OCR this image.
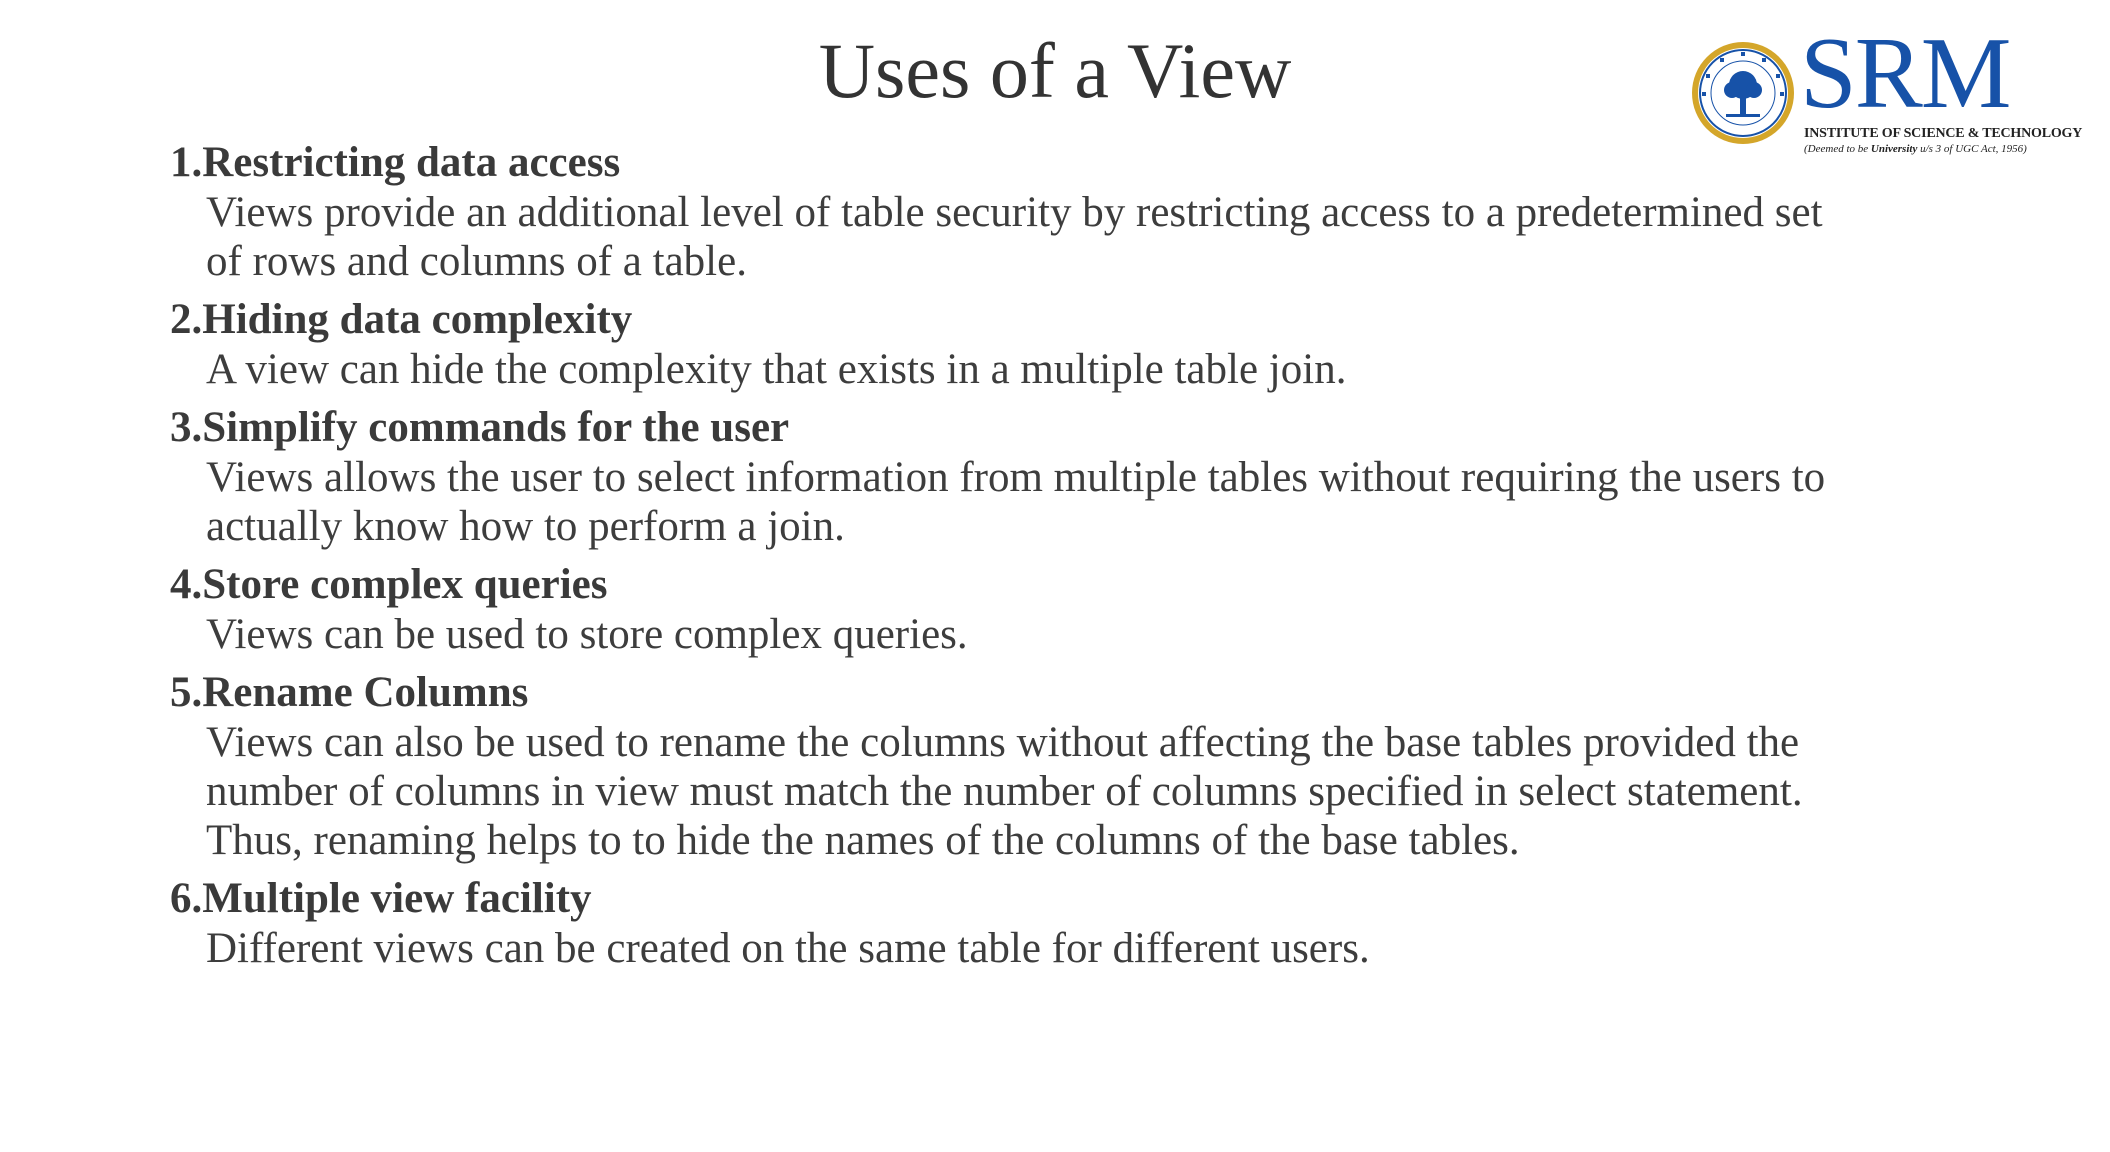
Uses of a View	SRM
INSTITUTE OF SCIENCE & TECHNOLOGY
(Deemed to be University u/s 3 of UGC Act, 1956)
1.Restricting data access
Views provide an additional level of table security by restricting access to a predetermined set
of rows and columns of a table.
2.Hiding data complexity
A view can hide the complexity that exists in a multiple table join.
3.Simplify commands for the user
Views allows the user to select information from multiple tables without requiring the users to
actually know how to perform a join.
4.Store complex queries
Views can be used to store complex queries.
5.Rename Columns
Views can also be used to rename the columns without affecting the base tables provided the
number of columns in view must match the number of columns specified in select statement.
Thus, renaming helps to to hide the names of the columns of the base tables.
6.Multiple view facility
Different views can be created on the same table for different users.
